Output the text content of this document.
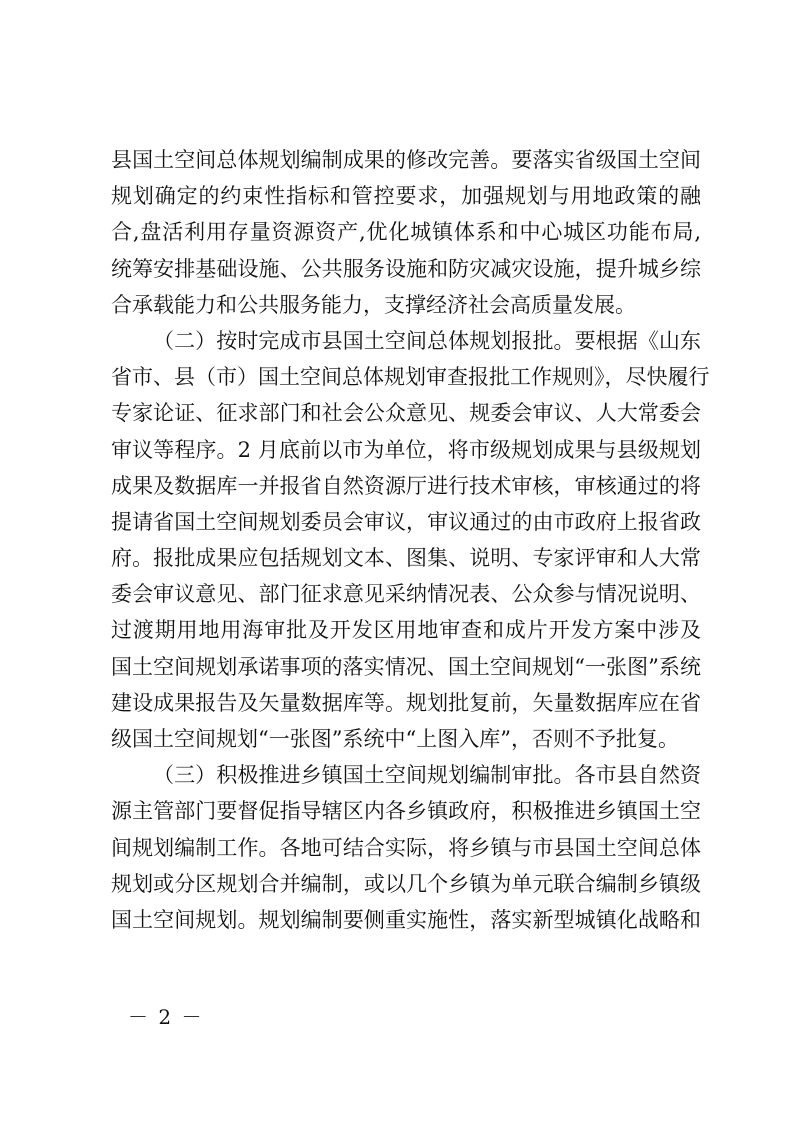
县国土空间总体规划编制成果的修改完善。要落实省级国土空间
规划确定的约束性指标和管控要求，加强规划与用地政策的融
合,盘活利用存量资源资产,优化城镇体系和中心城区功能布局,
统筹安排基础设施、公共服务设施和防灾减灾设施，提升城乡综
合承载能力和公共服务能力，支撑经济社会高质量发展。
（二）按时完成市县国土空间总体规划报批。要根据《山东
省市、县（市）国土空间总体规划审查报批工作规则》，尽快履行
专家论证、征求部门和社会公众意见、规委会审议、人大常委会
审议等程序。2 月底前以市为单位，将市级规划成果与县级规划
成果及数据库一并报省自然资源厅进行技术审核，审核通过的将
提请省国土空间规划委员会审议，审议通过的由市政府上报省政
府。报批成果应包括规划文本、图集、说明、专家评审和人大常
委会审议意见、部门征求意见采纳情况表、公众参与情况说明、
过渡期用地用海审批及开发区用地审查和成片开发方案中涉及
国土空间规划承诺事项的落实情况、国土空间规划“一张图”系统
建设成果报告及矢量数据库等。规划批复前，矢量数据库应在省
级国土空间规划“一张图”系统中“上图入库”，否则不予批复。
（三）积极推进乡镇国土空间规划编制审批。各市县自然资
源主管部门要督促指导辖区内各乡镇政府，积极推进乡镇国土空
间规划编制工作。各地可结合实际，将乡镇与市县国土空间总体
规划或分区规划合并编制，或以几个乡镇为单元联合编制乡镇级
国土空间规划。规划编制要侧重实施性，落实新型城镇化战略和
－ 2 －
